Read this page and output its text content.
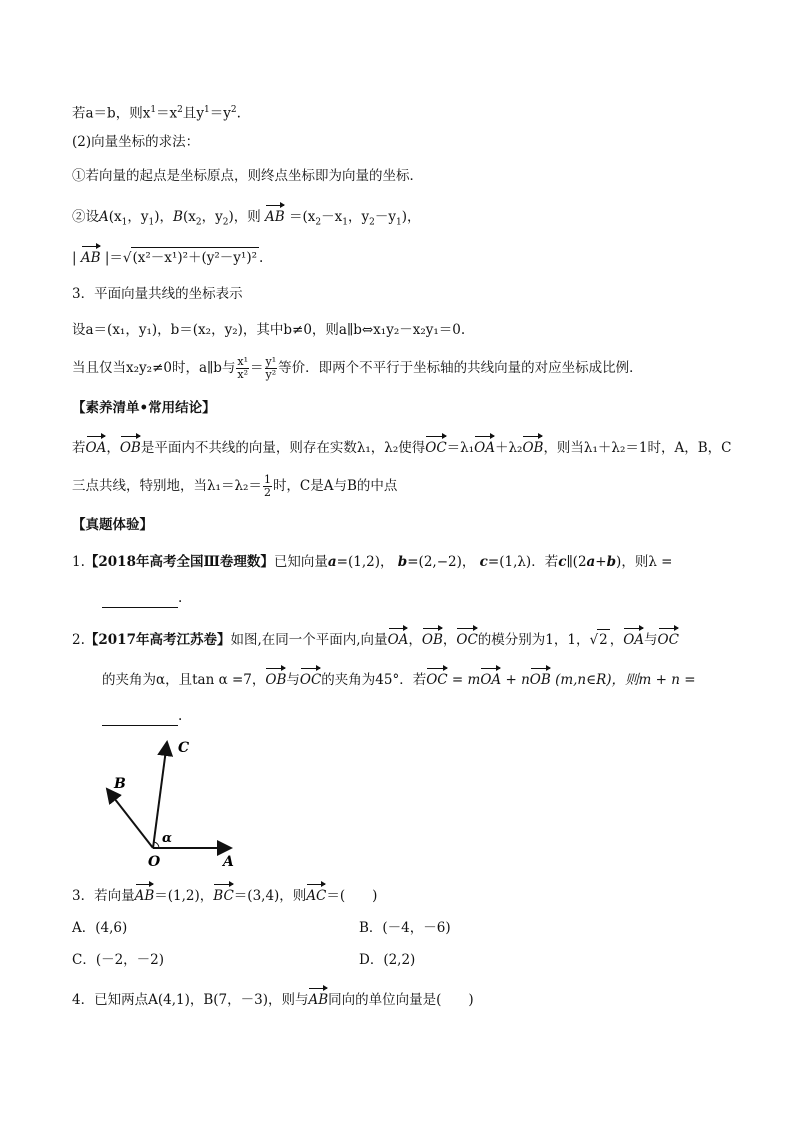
若a＝b，则$x^1=x^2$且$y^1=y^2$.
(2)向量坐标的求法：
①若向量的起点是坐标原点，则终点坐标即为向量的坐标．
②设$A(x_1$，$y_1$)，$B(x_2$，$y_2$)，则 AB $=(x_2-x_1$，$y_2-y_1$)，
| AB |＝√(x²－x¹)²＋(y²－y¹)² .
3．平面向量共线的坐标表示
设a＝(x₁，y₁)，b＝(x₂，y₂)，其中b≠0，则a∥b⇔x₁y₂－x₂y₁＝0.
当且仅当x₂y₂≠0时，a∥b与 $\frac{\text{x¹}}{\text{x²}} = \frac{\text{y¹}}{\text{y²}}$ 等价．即两个不平行于坐标轴的共线向量的对应坐标成比例．
【素养清单•常用结论】
若OA，OB是平面内不共线的向量，则存在实数λ₁，λ₂使得OC＝λ₁OA＋λ₂OB，则当λ₁＋λ₂＝1时，A，B，C
三点共线，特别地，当$\lambda_1=\lambda_2= \frac{1}{2}$ 时，C是A与B的中点
【真题体验】
1.【2018年高考全国Ⅲ卷理数】已知向量a=(1,2)， b=(2,−2)， c=(1,λ)．若c∥(2a+b)，则λ =
.
2.【2017年高考江苏卷】如图,在同一个平面内,向量OA，OB，OC的模分别为1，1，√2 ，OA与OC
的夹角为α，且tan α =7，OB与OC的夹角为45°．若OC = mOA + nOB (m,n∈R)，则m + n =
.
C
B
A
O
α
3．若向量AB＝(1,2)，BC＝(3,4)，则AC＝(　　)
A．(4,6)	B．(－4，－6)
C．(－2，－2)	D．(2,2)
4．已知两点A(4,1)，B(7，－3)，则与AB同向的单位向量是(　　)
